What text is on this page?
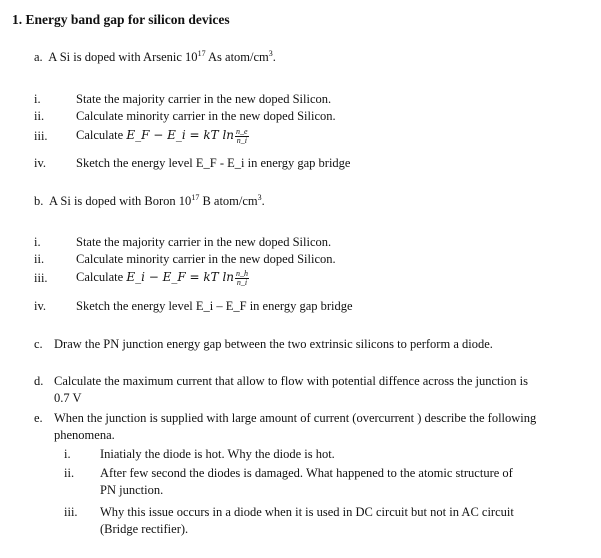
1. Energy band gap for silicon devices
a. A Si is doped with Arsenic $10^{17}$ As atom/$cm^3$.
i.	State the majority carrier in the new doped Silicon.
ii.	Calculate minority carrier in the new doped Silicon.
iii. Calculate E_F − E_i = kT $\ln \frac{n\_e}{n\_i}$
iv. Sketch the energy level E_F - E_i in energy gap bridge
b. A Si is doped with Boron $10^{17}$ B atom/$cm^3$.
i.	State the majority carrier in the new doped Silicon.
ii.	Calculate minority carrier in the new doped Silicon.
iii. Calculate E_i − E_F = kT $\ln \frac{n\_h}{n\_i}$
iv. Sketch the energy level E_i – E_F in energy gap bridge
c. Draw the PN junction energy gap between the two extrinsic silicons to perform a diode.
d. Calculate the maximum current that allow to flow with potential diffence across the junction is 0.7 V
e. When the junction is supplied with large amount of current (overcurrent ) describe the following phenomena.
i. Iniatialy the diode is hot. Why the diode is hot.
ii. After few second the diodes is damaged. What happened to the atomic structure of PN junction.
iii. Why this issue occurs in a diode when it is used in DC circuit but not in AC circuit (Bridge rectifier).
